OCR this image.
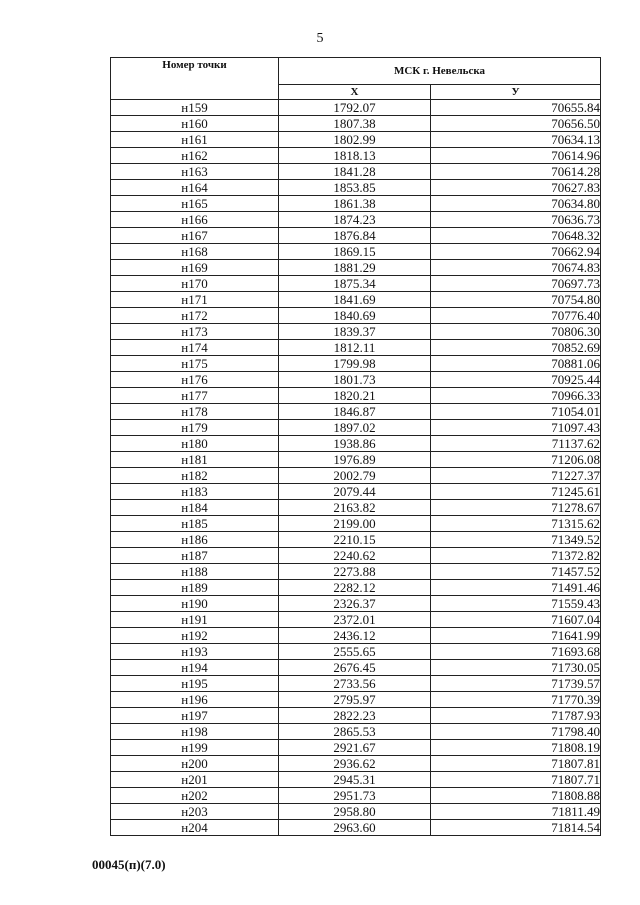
5
Номер точки	МСК г. Невельска	
	X	У
н159	1792.07	70655.84
н160	1807.38	70656.50
н161	1802.99	70634.13
н162	1818.13	70614.96
н163	1841.28	70614.28
н164	1853.85	70627.83
н165	1861.38	70634.80
н166	1874.23	70636.73
н167	1876.84	70648.32
н168	1869.15	70662.94
н169	1881.29	70674.83
н170	1875.34	70697.73
н171	1841.69	70754.80
н172	1840.69	70776.40
н173	1839.37	70806.30
н174	1812.11	70852.69
н175	1799.98	70881.06
н176	1801.73	70925.44
н177	1820.21	70966.33
н178	1846.87	71054.01
н179	1897.02	71097.43
н180	1938.86	71137.62
н181	1976.89	71206.08
н182	2002.79	71227.37
н183	2079.44	71245.61
н184	2163.82	71278.67
н185	2199.00	71315.62
н186	2210.15	71349.52
н187	2240.62	71372.82
н188	2273.88	71457.52
н189	2282.12	71491.46
н190	2326.37	71559.43
н191	2372.01	71607.04
н192	2436.12	71641.99
н193	2555.65	71693.68
н194	2676.45	71730.05
н195	2733.56	71739.57
н196	2795.97	71770.39
н197	2822.23	71787.93
н198	2865.53	71798.40
н199	2921.67	71808.19
н200	2936.62	71807.81
н201	2945.31	71807.71
н202	2951.73	71808.88
н203	2958.80	71811.49
н204	2963.60	71814.54
00045(п)(7.0)
